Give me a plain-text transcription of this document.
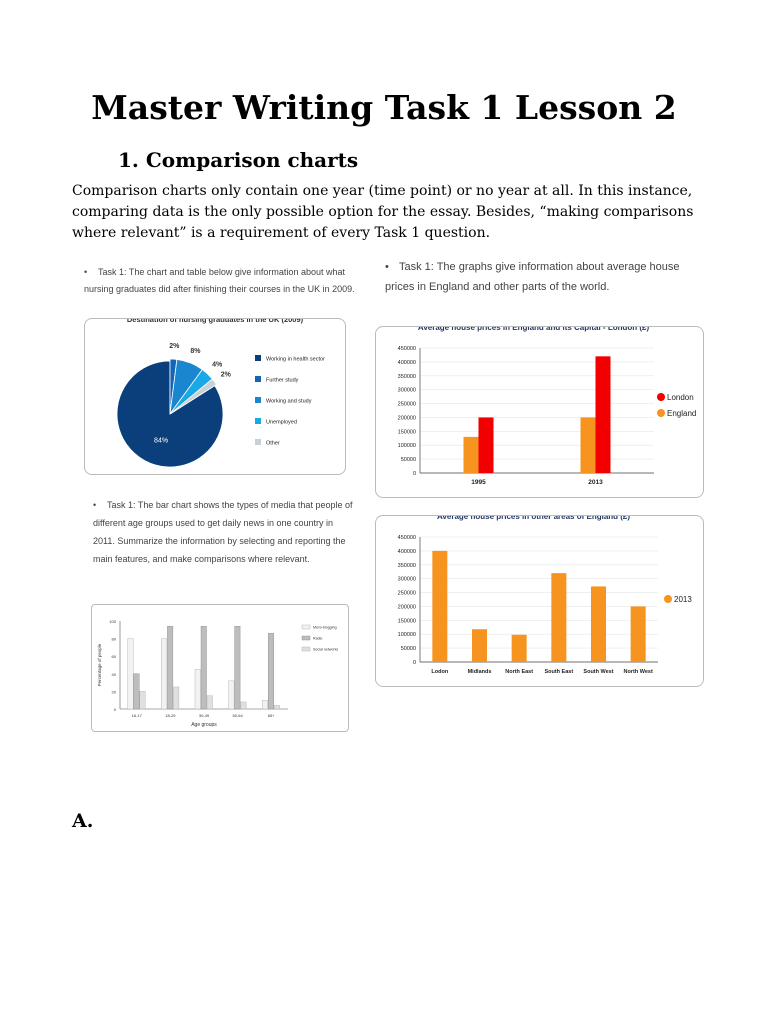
Master Writing Task 1 Lesson 2
1. Comparison charts

Comparison charts only contain one year (time point) or no year at all. In this instance, comparing data is the only possible option for the essay. Besides, “making comparisons where relevant” is a requirement of every Task 1 question.

• Task 1: The chart and table below give information about what nursing graduates did after finishing their courses in the UK in 2009.
Destination of nursing graduates in the UK (2009)
84%
2%
8%
4%
2%
Working in health sector
Further study
Working and study
Unemployed
Other
• Task 1: The bar chart shows the types of media that people of different age groups used to get daily news in one country in 2011. Summarize the information by selecting and reporting the main features, and make comparisons where relevant.
0
20
40
60
80
100
16-17	18-29	30-49	50-64	65+
Age groups
Percentage of people
Micro-blogging
Radio
Social networks
• Task 1: The graphs give information about average house prices in England and other parts of the world.
Average house prices in England and its Capital - London (£)
0
50000
100000
150000
200000
250000
300000
350000
400000
450000
1995	2013
London
England
Average house prices in other areas of England (£)
0
50000
100000
150000
200000
250000
300000
350000
400000
450000
Lodon	Midlands	North East South East South West North West
2013
A.
